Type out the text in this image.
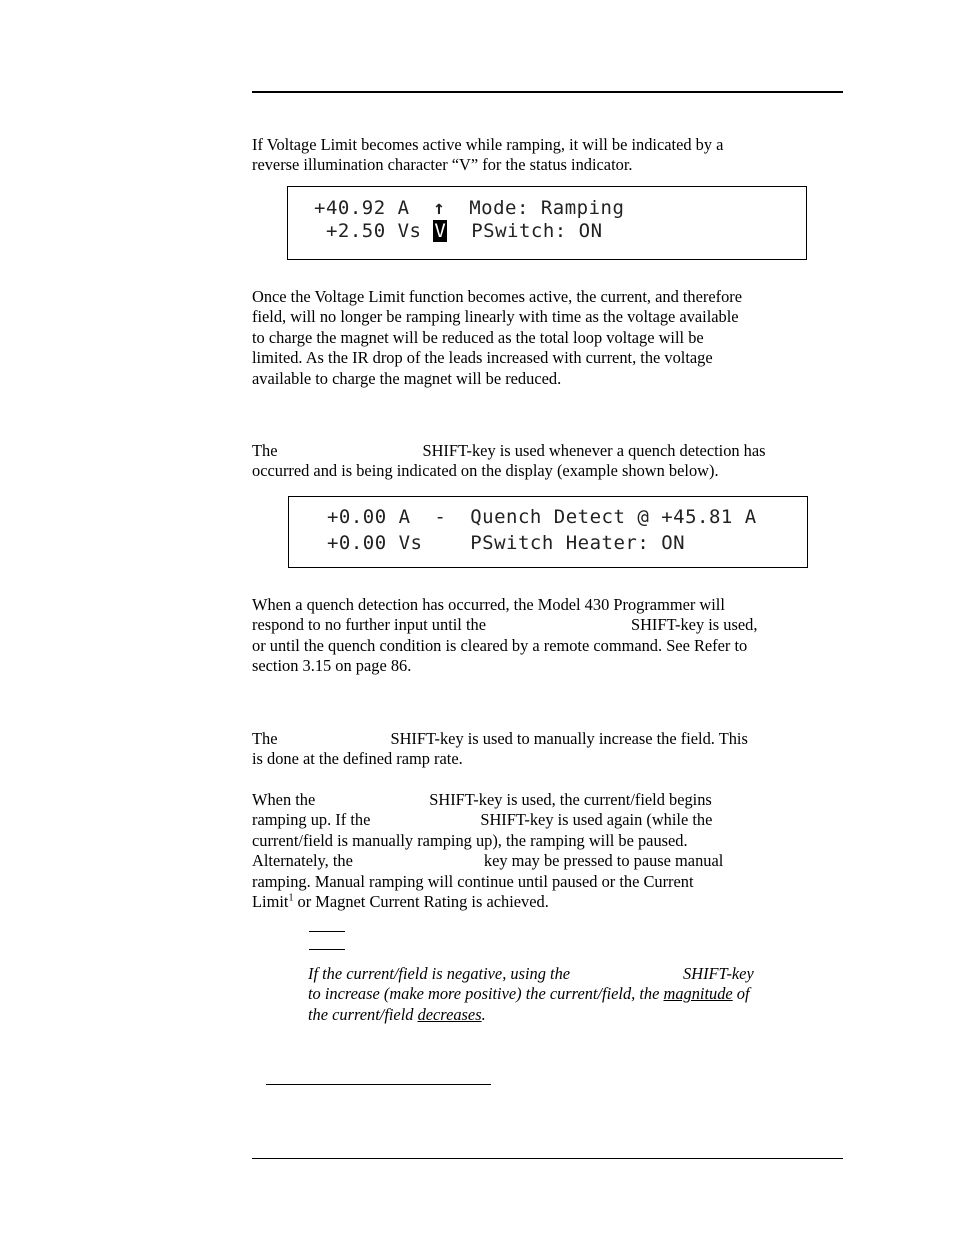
If Voltage Limit becomes active while ramping, it will be indicated by a
reverse illumination character “V” for the status indicator.
+40.92 A  ↑  Mode: Ramping
+2.50 Vs V  PSwitch: ON
Once the Voltage Limit function becomes active, the current, and therefore
field, will no longer be ramping linearly with time as the voltage available
to charge the magnet will be reduced as the total loop voltage will be
limited. As the IR drop of the leads increased with current, the voltage
available to charge the magnet will be reduced.
The	SHIFT-key is used whenever a quench detection has
occurred and is being indicated on the display (example shown below).
+0.00 A  -  Quench Detect @ +45.81 A
+0.00 Vs    PSwitch Heater: ON
When a quench detection has occurred, the Model 430 Programmer will
respond to no further input until the	SHIFT-key is used,
or until the quench condition is cleared by a remote command. See Refer to
section 3.15 on page 86.
The	SHIFT-key is used to manually increase the field. This
is done at the defined ramp rate.
When the	SHIFT-key is used, the current/field begins
ramping up. If the	SHIFT-key is used again (while the
current/field is manually ramping up), the ramping will be paused.
Alternately, the	key may be pressed to pause manual
ramping. Manual ramping will continue until paused or the Current
Limit$^1$ or Magnet Current Rating is achieved.
If the current/field is negative, using the	SHIFT-key
to increase (make more positive) the current/field, the magnitude of
the current/field decreases.
